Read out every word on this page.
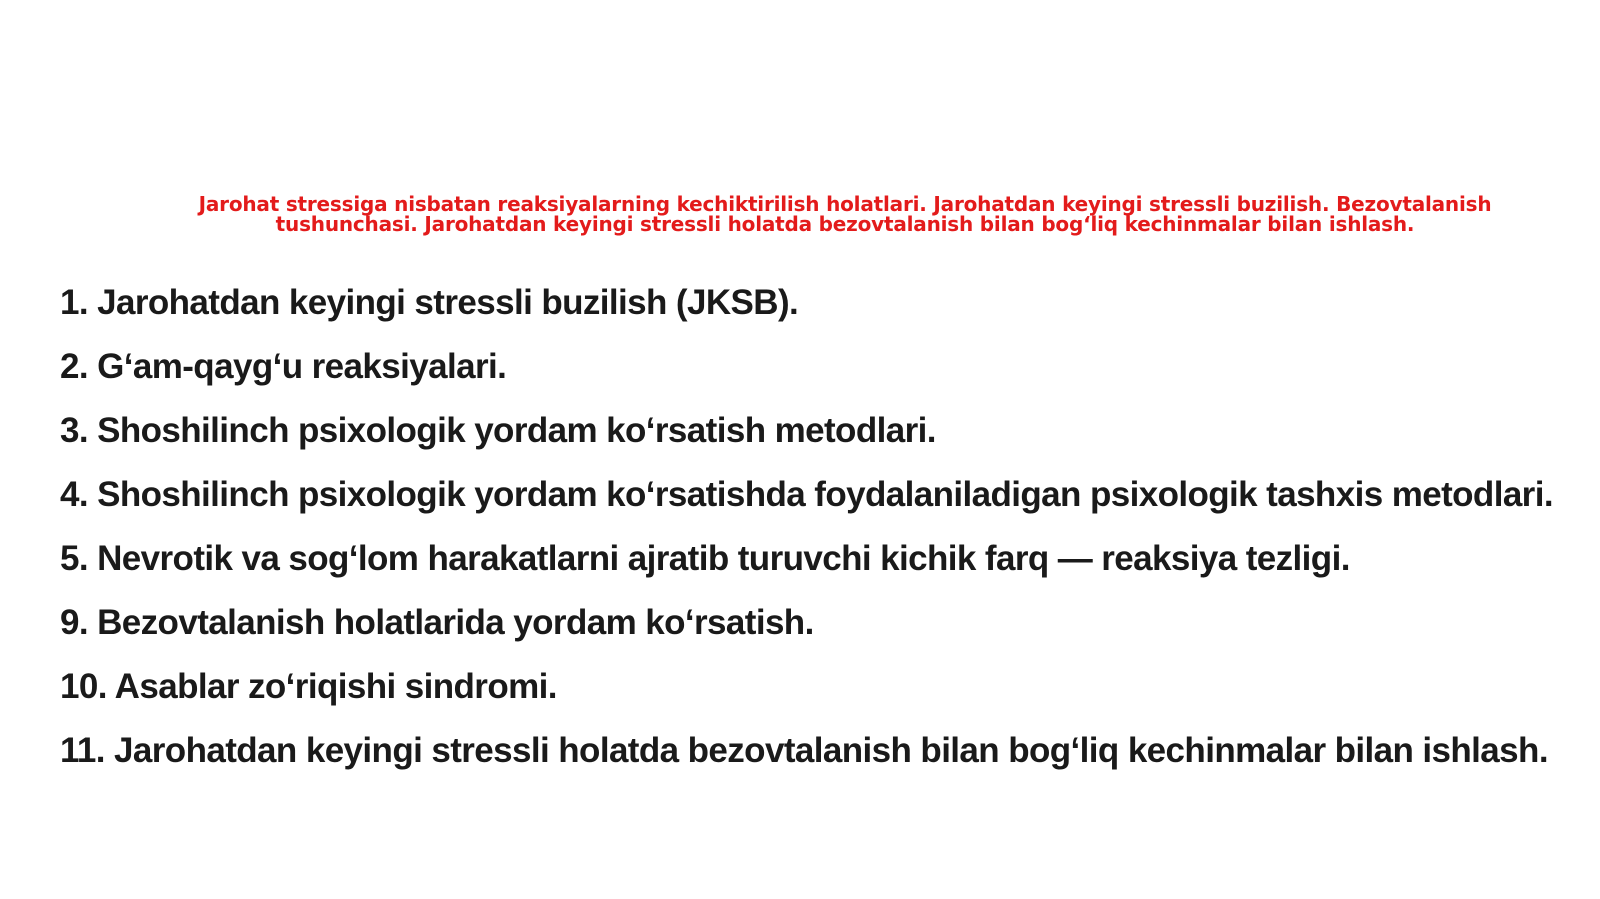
Jarohat stressiga nisbatan reaksiyalarning kechiktirilish holatlari. Jarohatdan keyingi stressli buzilish. Bezovtalanish tushunchasi. Jarohatdan keyingi stressli holatda bezovtalanish bilan bog‘liq kechinmalar bilan ishlash.
1. Jarohatdan keyingi stressli buzilish (JKSB).
2. G‘am-qayg‘u reaksiyalari.
3. Shoshilinch psixologik yordam ko‘rsatish metodlari.
4. Shoshilinch psixologik yordam ko‘rsatishda foydalaniladigan psixologik tashxis metodlari.
5. Nevrotik va sog‘lom harakatlarni ajratib turuvchi kichik farq — reaksiya tezligi.
9. Bezovtalanish holatlarida yordam ko‘rsatish.
10. Asablar zo‘riqishi sindromi.
11. Jarohatdan keyingi stressli holatda bezovtalanish bilan bog‘liq kechinmalar bilan ishlash.
